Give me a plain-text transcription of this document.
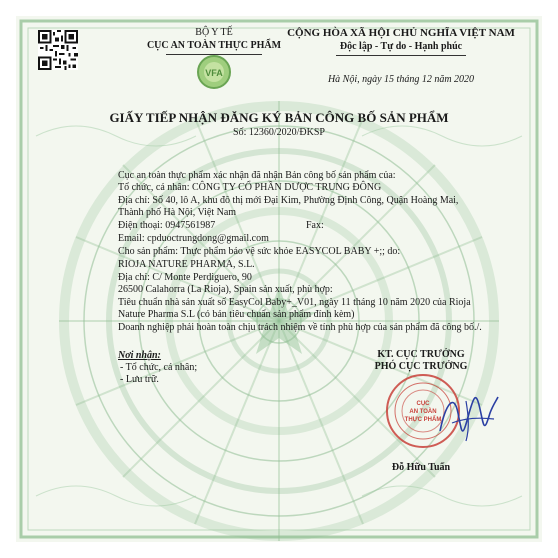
BỘ Y TẾ
CỤC AN TOÀN THỰC PHẨM
VFA
CỘNG HÒA XÃ HỘI CHỦ NGHĨA VIỆT NAM
Độc lập - Tự do - Hạnh phúc
Hà Nội, ngày 15 tháng 12 năm 2020
GIẤY TIẾP NHẬN ĐĂNG KÝ BẢN CÔNG BỐ SẢN PHẨM
Số: 12360/2020/ĐKSP
Cục an toàn thực phẩm xác nhận đã nhận Bản công bố sản phẩm của:
Tổ chức, cá nhân: CÔNG TY CỔ PHẦN DƯỢC TRUNG ĐÔNG
Địa chỉ: Số 40, lô A, khu đô thị mới Đại Kim, Phường Định Công, Quận Hoàng Mai,
Thành phố Hà Nội, Việt Nam
Điện thoại: 0947561987	Fax:
Email: cpduoctrungdong@gmail.com
Cho sản phẩm: Thực phẩm bảo vệ sức khỏe EASYCOL BABY +;; do:
RIOJA NATURE PHARMA, S.L.
Địa chỉ: C/ Monte Perdiguero, 90
26500 Calahorra (La Rioja), Spain sản xuất, phù hợp:
Tiêu chuẩn nhà sản xuất số EasyCol Baby+_V01, ngày 11 tháng 10 năm 2020 của Rioja
Nature Pharma S.L (có bản tiêu chuẩn sản phẩm đính kèm)
Doanh nghiệp phải hoàn toàn chịu trách nhiệm về tính phù hợp của sản phẩm đã công bố./.
Nơi nhận:
- Tổ chức, cá nhân;
- Lưu trữ.
KT. CỤC TRƯỞNG
PHÓ CỤC TRƯỞNG
CỤC
AN TOÀN
THỰC PHẨM
Đỗ Hữu Tuấn
